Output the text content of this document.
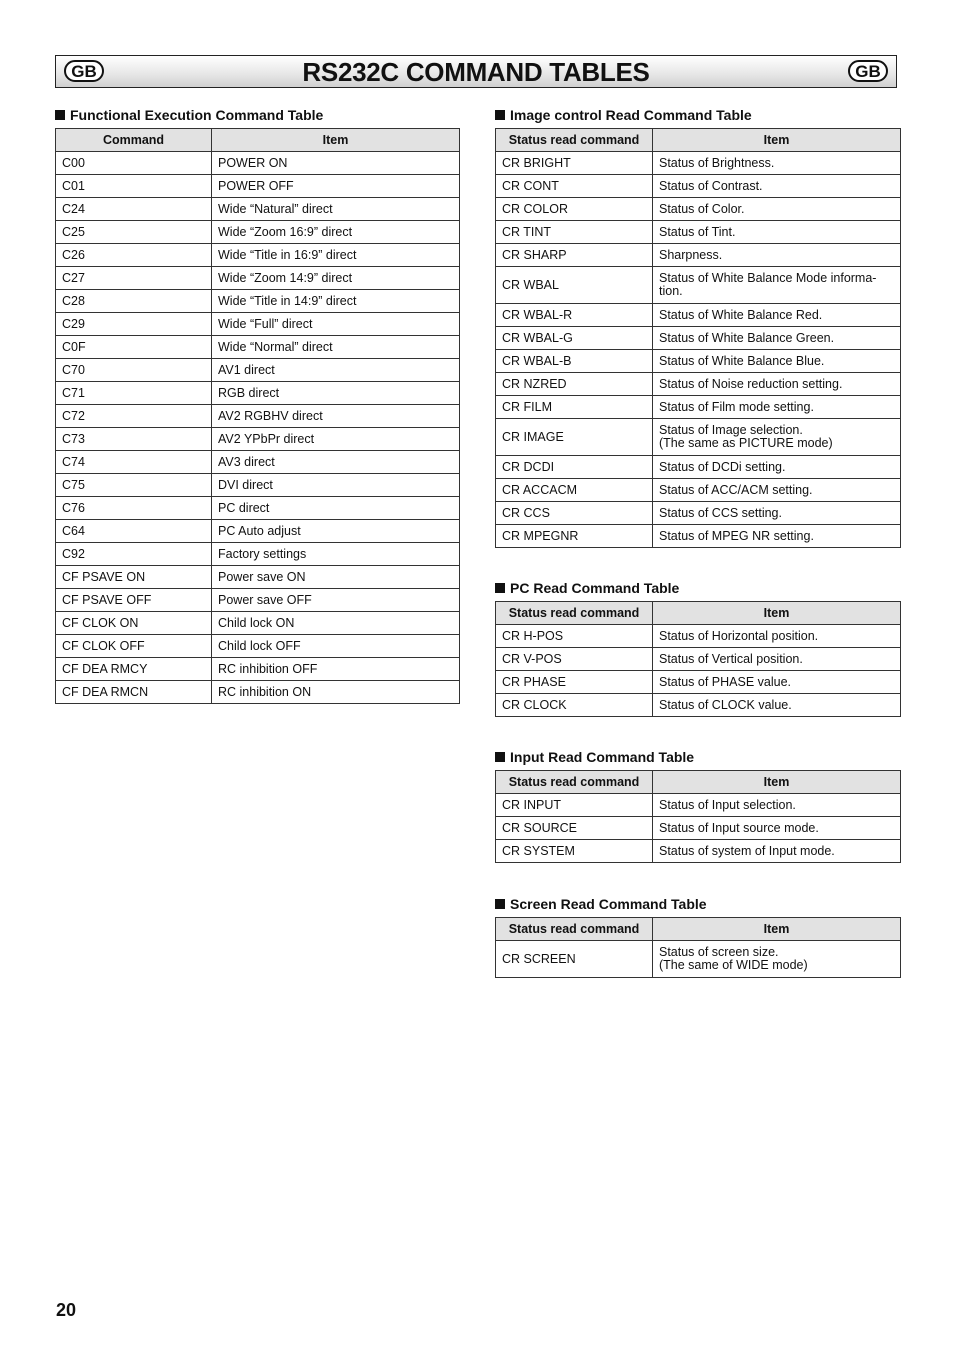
GB	RS232C COMMAND TABLES	GB
Functional Execution Command Table
Command	Item
C00	POWER ON
C01	POWER OFF
C24	Wide “Natural” direct
C25	Wide “Zoom 16:9” direct
C26	Wide “Title in 16:9” direct
C27	Wide “Zoom 14:9” direct
C28	Wide “Title in 14:9” direct
C29	Wide “Full” direct
C0F	Wide “Normal” direct
C70	AV1 direct
C71	RGB direct
C72	AV2 RGBHV direct
C73	AV2 YPbPr direct
C74	AV3 direct
C75	DVI direct
C76	PC direct
C64	PC Auto adjust
C92	Factory settings
CF PSAVE ON	Power save ON
CF PSAVE OFF	Power save OFF
CF CLOK ON	Child lock ON
CF CLOK OFF	Child lock OFF
CF DEA RMCY	RC inhibition OFF
CF DEA RMCN	RC inhibition ON
Image control Read Command Table
Status read command	Item
CR BRIGHT	Status of Brightness.
CR CONT	Status of Contrast.
CR COLOR	Status of Color.
CR TINT	Status of Tint.
CR SHARP	Sharpness.
CR WBAL	Status of White Balance Mode informa-
tion.

CR WBAL-R	Status of White Balance Red.
CR WBAL-G	Status of White Balance Green.
CR WBAL-B	Status of White Balance Blue.
CR NZRED	Status of Noise reduction setting.
CR FILM	Status of Film mode setting.
CR IMAGE	Status of Image selection.
(The same as PICTURE mode)

CR DCDI	Status of DCDi setting.
CR ACCACM	Status of ACC/ACM setting.
CR CCS	Status of CCS setting.
CR MPEGNR	Status of MPEG NR setting.
PC Read Command Table
Status read command	Item
CR H-POS	Status of Horizontal position.
CR V-POS	Status of Vertical position.
CR PHASE	Status of PHASE value.
CR CLOCK	Status of CLOCK value.
Input Read Command Table
Status read command	Item
CR INPUT	Status of Input selection.
CR SOURCE	Status of Input source mode.
CR SYSTEM	Status of system of Input mode.
Screen Read Command Table
Status read command	Item
CR SCREEN	Status of screen size.
(The same of WIDE mode)
20
